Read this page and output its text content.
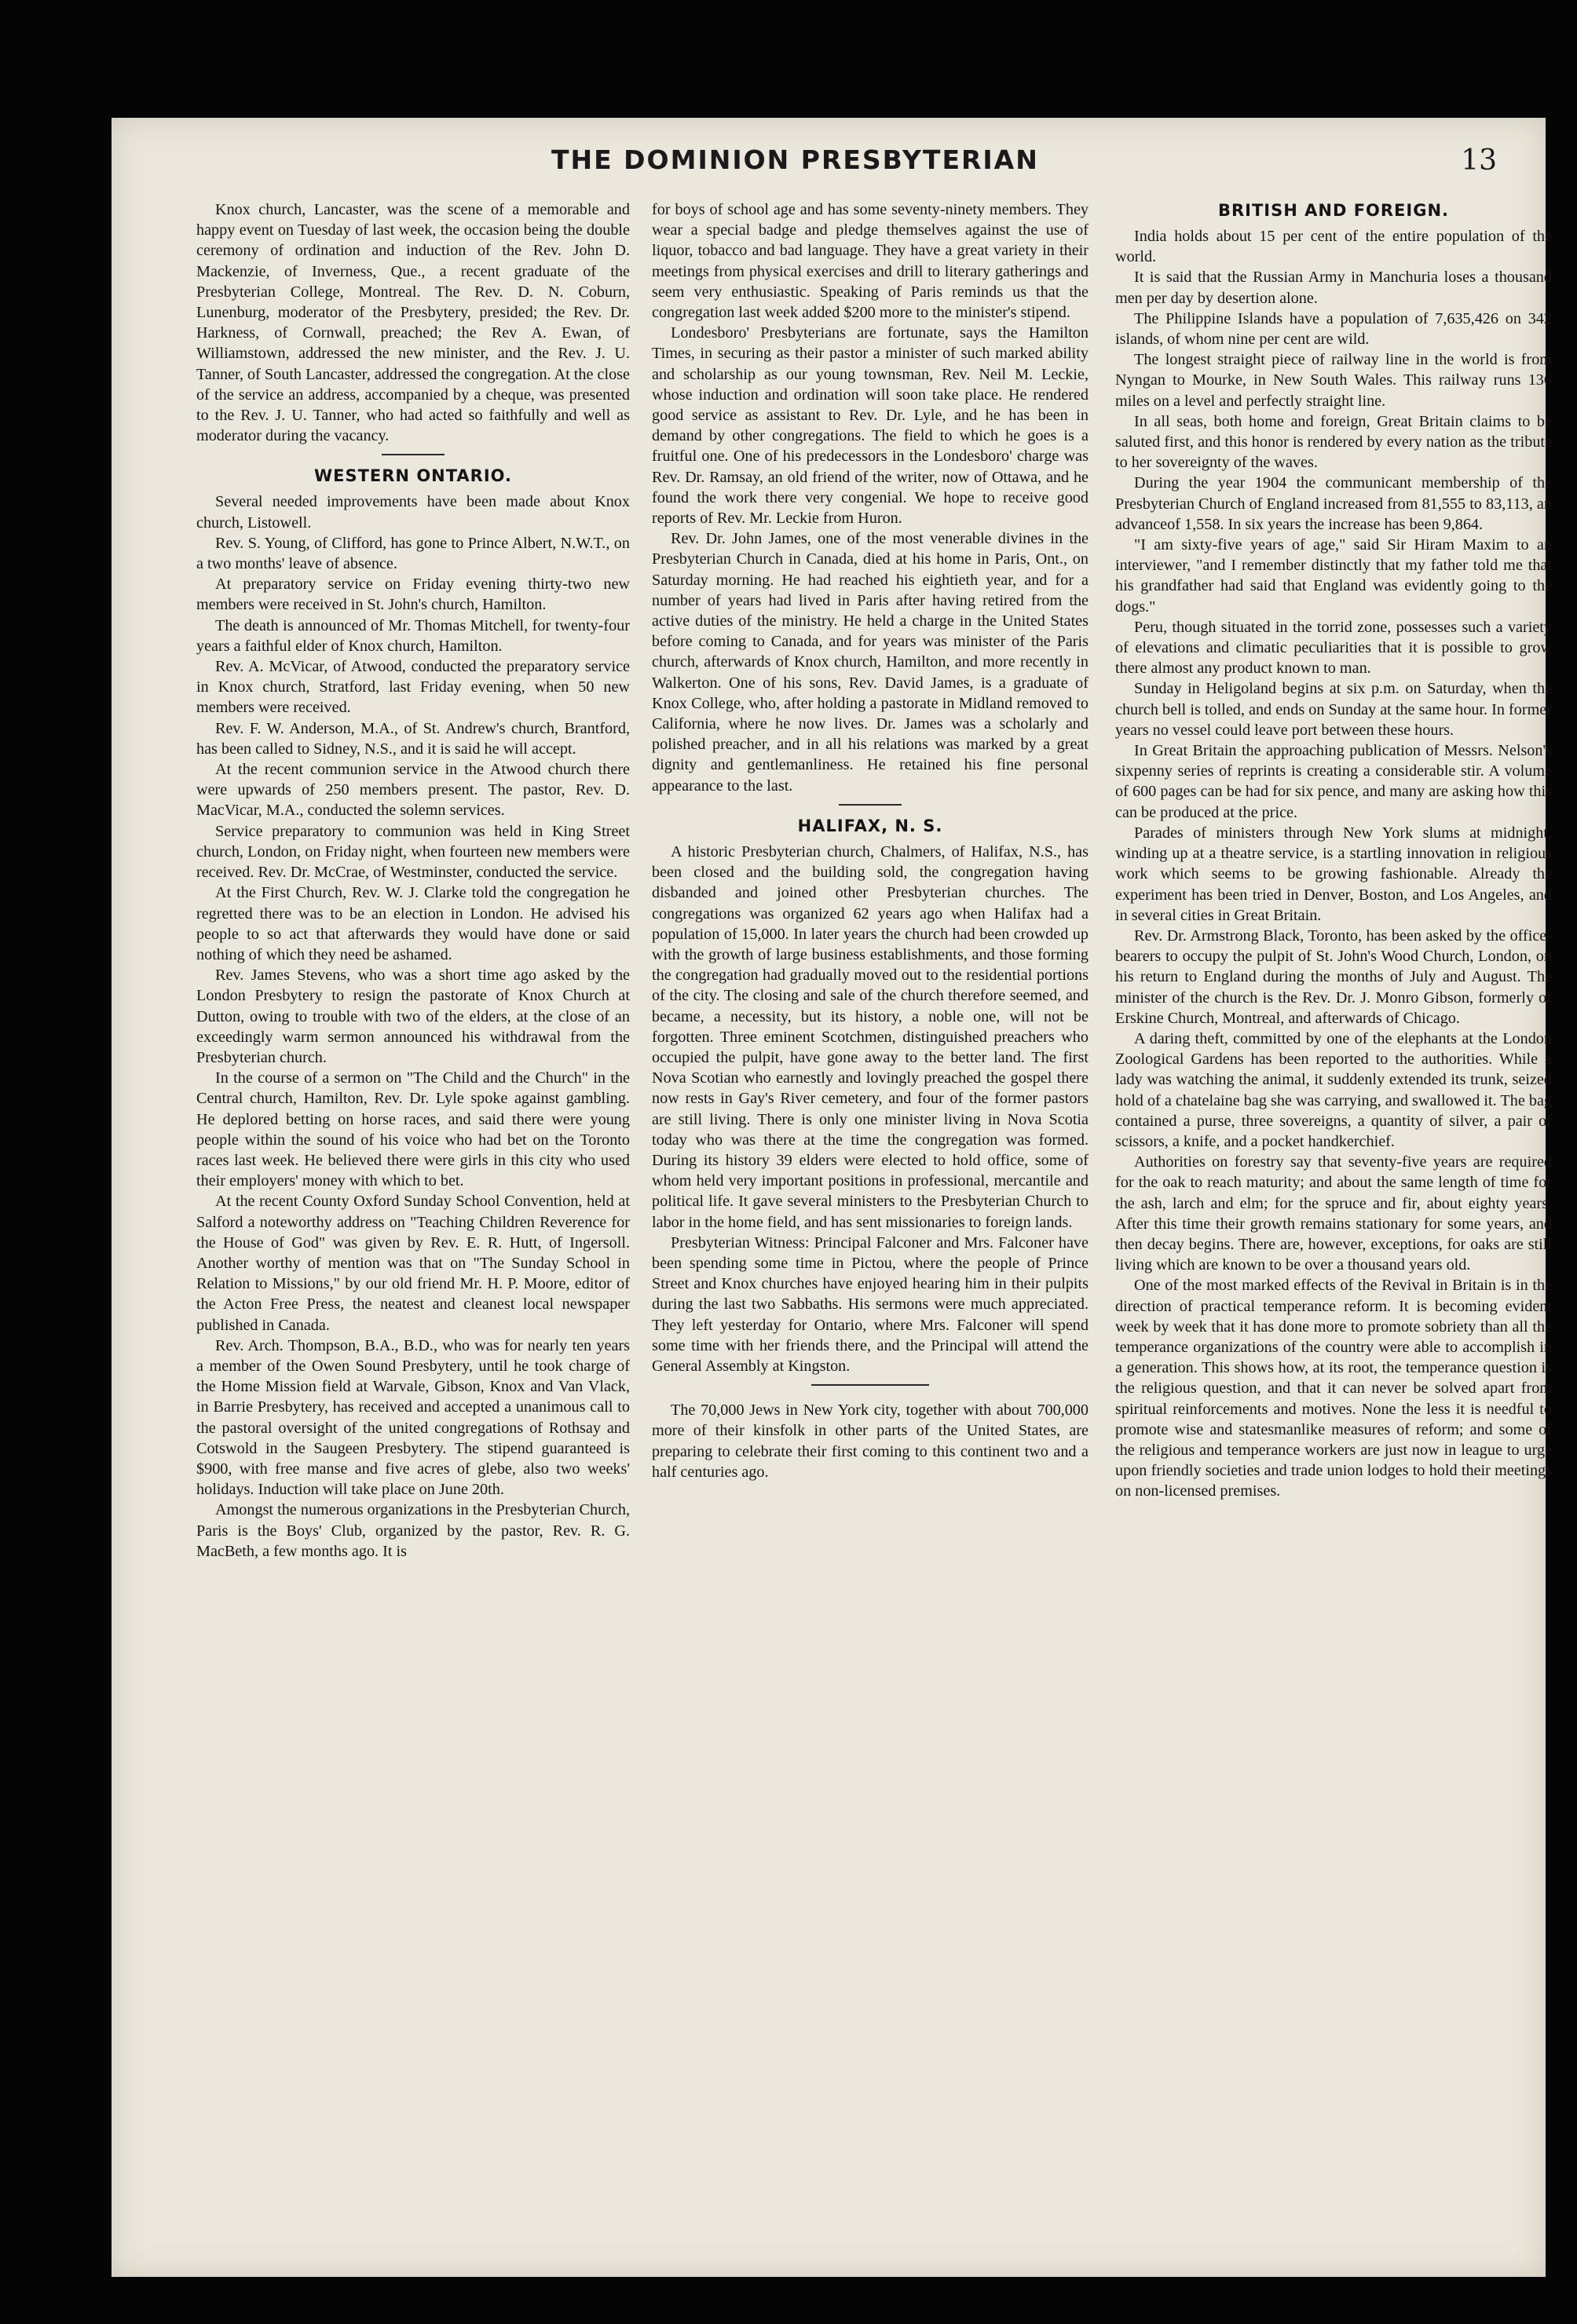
THE DOMINION PRESBYTERIAN	13

Knox church, Lancaster, was the scene of a memorable and happy event on Tuesday of last week, the occasion being the double ceremony of ordination and induction of the Rev. John D. Mackenzie, of Inverness, Que., a recent graduate of the Presbyterian College, Montreal. The Rev. D. N. Coburn, Lunenburg, moderator of the Presbytery, presided; the Rev. Dr. Harkness, of Cornwall, preached; the Rev A. Ewan, of Williamstown, addressed the new minister, and the Rev. J. U. Tanner, of South Lancaster, addressed the congregation. At the close of the service an address, accompanied by a cheque, was presented to the Rev. J. U. Tanner, who had acted so faithfully and well as moderator during the vacancy.

WESTERN ONTARIO.

Several needed improvements have been made about Knox church, Listowell.

Rev. S. Young, of Clifford, has gone to Prince Albert, N.W.T., on a two months' leave of absence.

At preparatory service on Friday evening thirty-two new members were received in St. John's church, Hamilton.

The death is announced of Mr. Thomas Mitchell, for twenty-four years a faithful elder of Knox church, Hamilton.

Rev. A. McVicar, of Atwood, conducted the preparatory service in Knox church, Stratford, last Friday evening, when 50 new members were received.

Rev. F. W. Anderson, M.A., of St. Andrew's church, Brantford, has been called to Sidney, N.S., and it is said he will accept.

At the recent communion service in the Atwood church there were upwards of 250 members present. The pastor, Rev. D. MacVicar, M.A., conducted the solemn services.

Service preparatory to communion was held in King Street church, London, on Friday night, when fourteen new members were received. Rev. Dr. McCrae, of Westminster, conducted the service.

At the First Church, Rev. W. J. Clarke told the congregation he regretted there was to be an election in London. He advised his people to so act that afterwards they would have done or said nothing of which they need be ashamed.

Rev. James Stevens, who was a short time ago asked by the London Presbytery to resign the pastorate of Knox Church at Dutton, owing to trouble with two of the elders, at the close of an exceedingly warm sermon announced his withdrawal from the Presbyterian church.

In the course of a sermon on "The Child and the Church" in the Central church, Hamilton, Rev. Dr. Lyle spoke against gambling. He deplored betting on horse races, and said there were young people within the sound of his voice who had bet on the Toronto races last week. He believed there were girls in this city who used their employers' money with which to bet.

At the recent County Oxford Sunday School Convention, held at Salford a noteworthy address on "Teaching Children Reverence for the House of God" was given by Rev. E. R. Hutt, of Ingersoll. Another worthy of mention was that on "The Sunday School in Relation to Missions," by our old friend Mr. H. P. Moore, editor of the Acton Free Press, the neatest and cleanest local newspaper published in Canada.

Rev. Arch. Thompson, B.A., B.D., who was for nearly ten years a member of the Owen Sound Presbytery, until he took charge of the Home Mission field at Warvale, Gibson, Knox and Van Vlack, in Barrie Presbytery, has received and accepted a unanimous call to the pastoral oversight of the united congregations of Rothsay and Cotswold in the Saugeen Presbytery. The stipend guaranteed is $900, with free manse and five acres of glebe, also two weeks' holidays. Induction will take place on June 20th.

Amongst the numerous organizations in the Presbyterian Church, Paris is the Boys' Club, organized by the pastor, Rev. R. G. MacBeth, a few months ago. It is

for boys of school age and has some seventy-ninety members. They wear a special badge and pledge themselves against the use of liquor, tobacco and bad language. They have a great variety in their meetings from physical exercises and drill to literary gatherings and seem very enthusiastic. Speaking of Paris reminds us that the congregation last week added $200 more to the minister's stipend.

Londesboro' Presbyterians are fortunate, says the Hamilton Times, in securing as their pastor a minister of such marked ability and scholarship as our young townsman, Rev. Neil M. Leckie, whose induction and ordination will soon take place. He rendered good service as assistant to Rev. Dr. Lyle, and he has been in demand by other congregations. The field to which he goes is a fruitful one. One of his predecessors in the Londesboro' charge was Rev. Dr. Ramsay, an old friend of the writer, now of Ottawa, and he found the work there very congenial. We hope to receive good reports of Rev. Mr. Leckie from Huron.

Rev. Dr. John James, one of the most venerable divines in the Presbyterian Church in Canada, died at his home in Paris, Ont., on Saturday morning. He had reached his eightieth year, and for a number of years had lived in Paris after having retired from the active duties of the ministry. He held a charge in the United States before coming to Canada, and for years was minister of the Paris church, afterwards of Knox church, Hamilton, and more recently in Walkerton. One of his sons, Rev. David James, is a graduate of Knox College, who, after holding a pastorate in Midland removed to California, where he now lives. Dr. James was a scholarly and polished preacher, and in all his relations was marked by a great dignity and gentlemanliness. He retained his fine personal appearance to the last.

HALIFAX, N. S.

A historic Presbyterian church, Chalmers, of Halifax, N.S., has been closed and the building sold, the congregation having disbanded and joined other Presbyterian churches. The congregations was organized 62 years ago when Halifax had a population of 15,000. In later years the church had been crowded up with the growth of large business establishments, and those forming the congregation had gradually moved out to the residential portions of the city. The closing and sale of the church therefore seemed, and became, a necessity, but its history, a noble one, will not be forgotten. Three eminent Scotchmen, distinguished preachers who occupied the pulpit, have gone away to the better land. The first Nova Scotian who earnestly and lovingly preached the gospel there now rests in Gay's River cemetery, and four of the former pastors are still living. There is only one minister living in Nova Scotia today who was there at the time the congregation was formed. During its history 39 elders were elected to hold office, some of whom held very important positions in professional, mercantile and political life. It gave several ministers to the Presbyterian Church to labor in the home field, and has sent missionaries to foreign lands.

Presbyterian Witness: Principal Falconer and Mrs. Falconer have been spending some time in Pictou, where the people of Prince Street and Knox churches have enjoyed hearing him in their pulpits during the last two Sabbaths. His sermons were much appreciated. They left yesterday for Ontario, where Mrs. Falconer will spend some time with her friends there, and the Principal will attend the General Assembly at Kingston.

The 70,000 Jews in New York city, together with about 700,000 more of their kinsfolk in other parts of the United States, are preparing to celebrate their first coming to this continent two and a half centuries ago.

BRITISH AND FOREIGN.

India holds about 15 per cent of the entire population of the world.

It is said that the Russian Army in Manchuria loses a thousand men per day by desertion alone.

The Philippine Islands have a population of 7,635,426 on 342 islands, of whom nine per cent are wild.

The longest straight piece of railway line in the world is from Nyngan to Mourke, in New South Wales. This railway runs 136 miles on a level and perfectly straight line.

In all seas, both home and foreign, Great Britain claims to be saluted first, and this honor is rendered by every nation as the tribute to her sovereignty of the waves.

During the year 1904 the communicant membership of the Presbyterian Church of England increased from 81,555 to 83,113, an advanceof 1,558. In six years the increase has been 9,864.

"I am sixty-five years of age," said Sir Hiram Maxim to an interviewer, "and I remember distinctly that my father told me that his grandfather had said that England was evidently going to the dogs."

Peru, though situated in the torrid zone, possesses such a variety of elevations and climatic peculiarities that it is possible to grow there almost any product known to man.

Sunday in Heligoland begins at six p.m. on Saturday, when the church bell is tolled, and ends on Sunday at the same hour. In former years no vessel could leave port between these hours.

In Great Britain the approaching publication of Messrs. Nelson's sixpenny series of reprints is creating a considerable stir. A volume of 600 pages can be had for six pence, and many are asking how this can be produced at the price.

Parades of ministers through New York slums at midnight, winding up at a theatre service, is a startling innovation in religious work which seems to be growing fashionable. Already the experiment has been tried in Denver, Boston, and Los Angeles, and in several cities in Great Britain.

Rev. Dr. Armstrong Black, Toronto, has been asked by the office-bearers to occupy the pulpit of St. John's Wood Church, London, on his return to England during the months of July and August. The minister of the church is the Rev. Dr. J. Monro Gibson, formerly of Erskine Church, Montreal, and afterwards of Chicago.

A daring theft, committed by one of the elephants at the London Zoological Gardens has been reported to the authorities. While a lady was watching the animal, it suddenly extended its trunk, seized hold of a chatelaine bag she was carrying, and swallowed it. The bag contained a purse, three sovereigns, a quantity of silver, a pair of scissors, a knife, and a pocket handkerchief.

Authorities on forestry say that seventy-five years are required for the oak to reach maturity; and about the same length of time for the ash, larch and elm; for the spruce and fir, about eighty years. After this time their growth remains stationary for some years, and then decay begins. There are, however, exceptions, for oaks are still living which are known to be over a thousand years old.

One of the most marked effects of the Revival in Britain is in the direction of practical temperance reform. It is becoming evident week by week that it has done more to promote sobriety than all the temperance organizations of the country were able to accomplish in a generation. This shows how, at its root, the temperance question is the religious question, and that it can never be solved apart from spiritual reinforcements and motives. None the less it is needful to promote wise and statesmanlike measures of reform; and some of the religious and temperance workers are just now in league to urge upon friendly societies and trade union lodges to hold their meetings on non-licensed premises.
